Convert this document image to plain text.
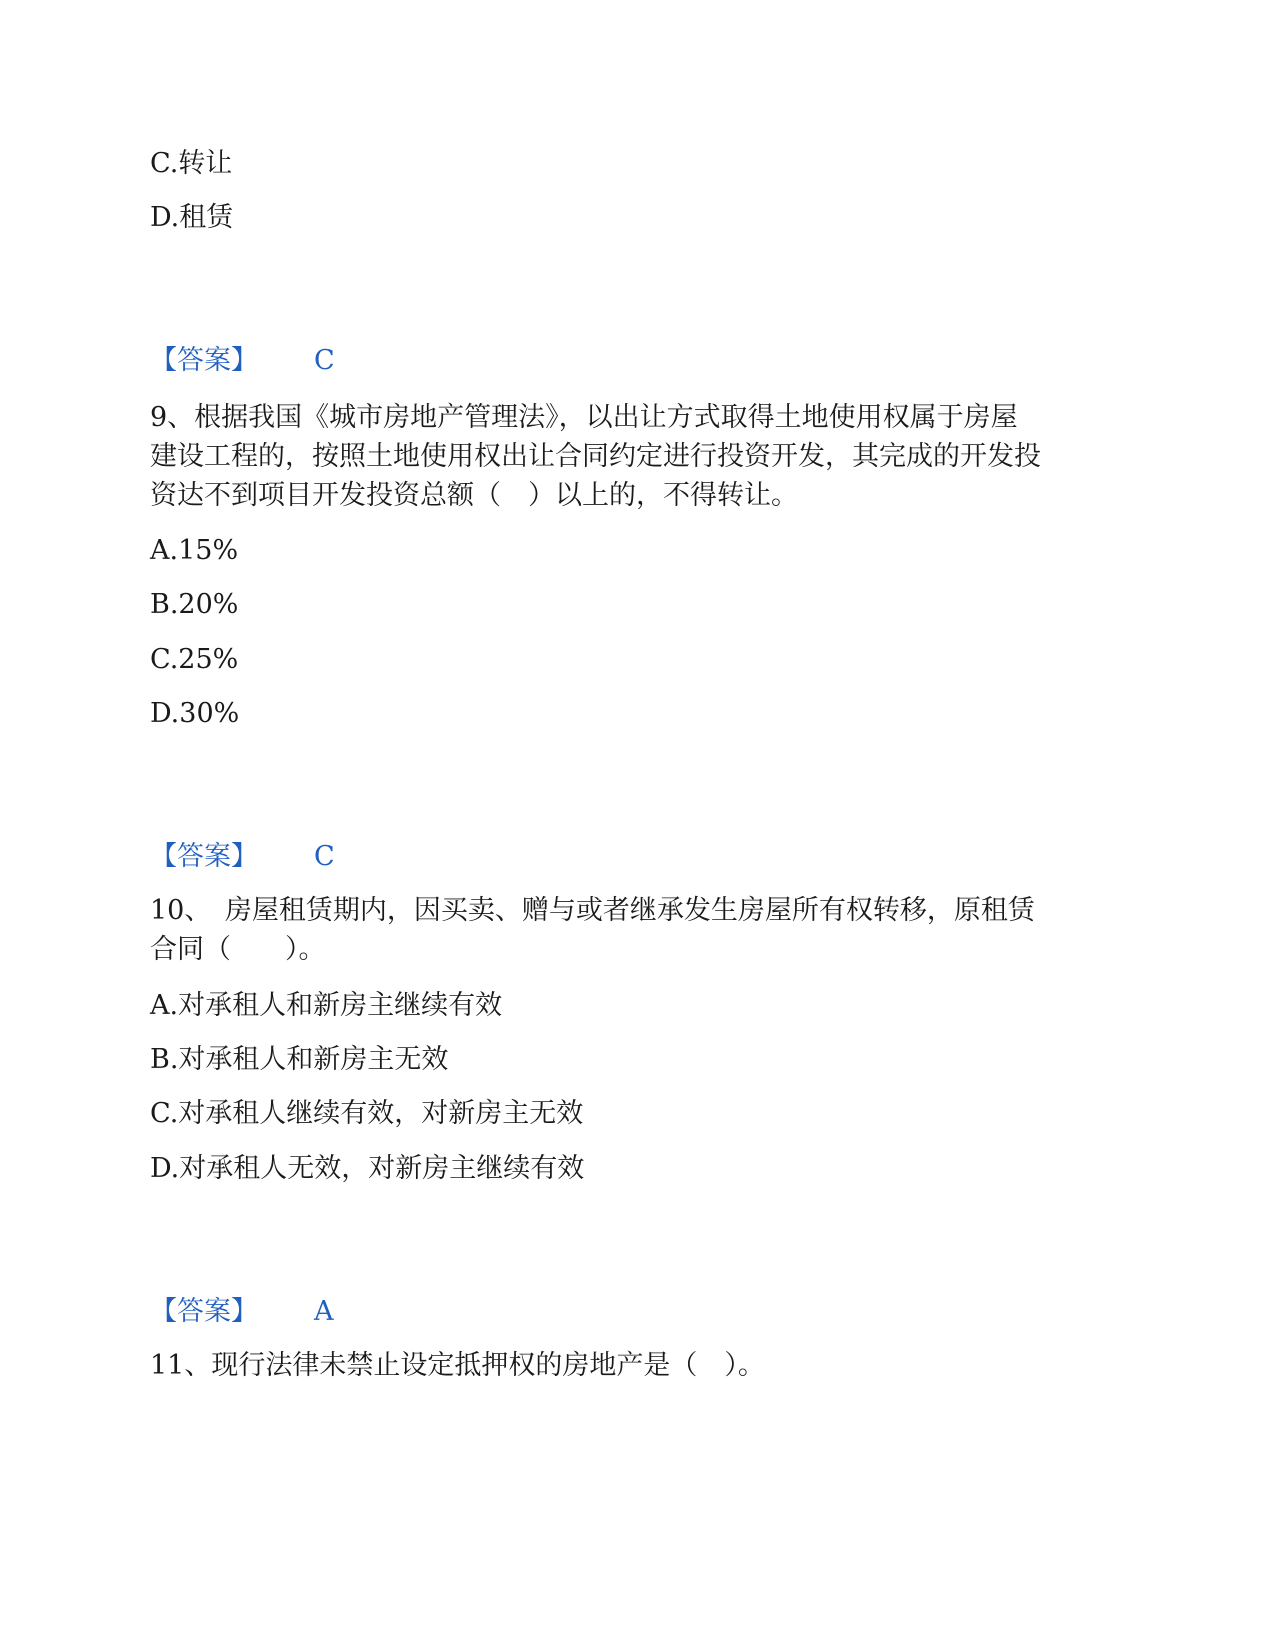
C.转让
D.租赁
【答案】 C
9、根据我国《城市房地产管理法》，以出让方式取得土地使用权属于房屋
建设工程的，按照土地使用权出让合同约定进行投资开发，其完成的开发投
资达不到项目开发投资总额（　）以上的，不得转让。
A.15%
B.20%
C.25%
D.30%
【答案】 C
10、　房屋租赁期内，因买卖、赠与或者继承发生房屋所有权转移，原租赁
合同（　　）。
A.对承租人和新房主继续有效
B.对承租人和新房主无效
C.对承租人继续有效，对新房主无效
D.对承租人无效，对新房主继续有效
【答案】 A
11、现行法律未禁止设定抵押权的房地产是（　）。
